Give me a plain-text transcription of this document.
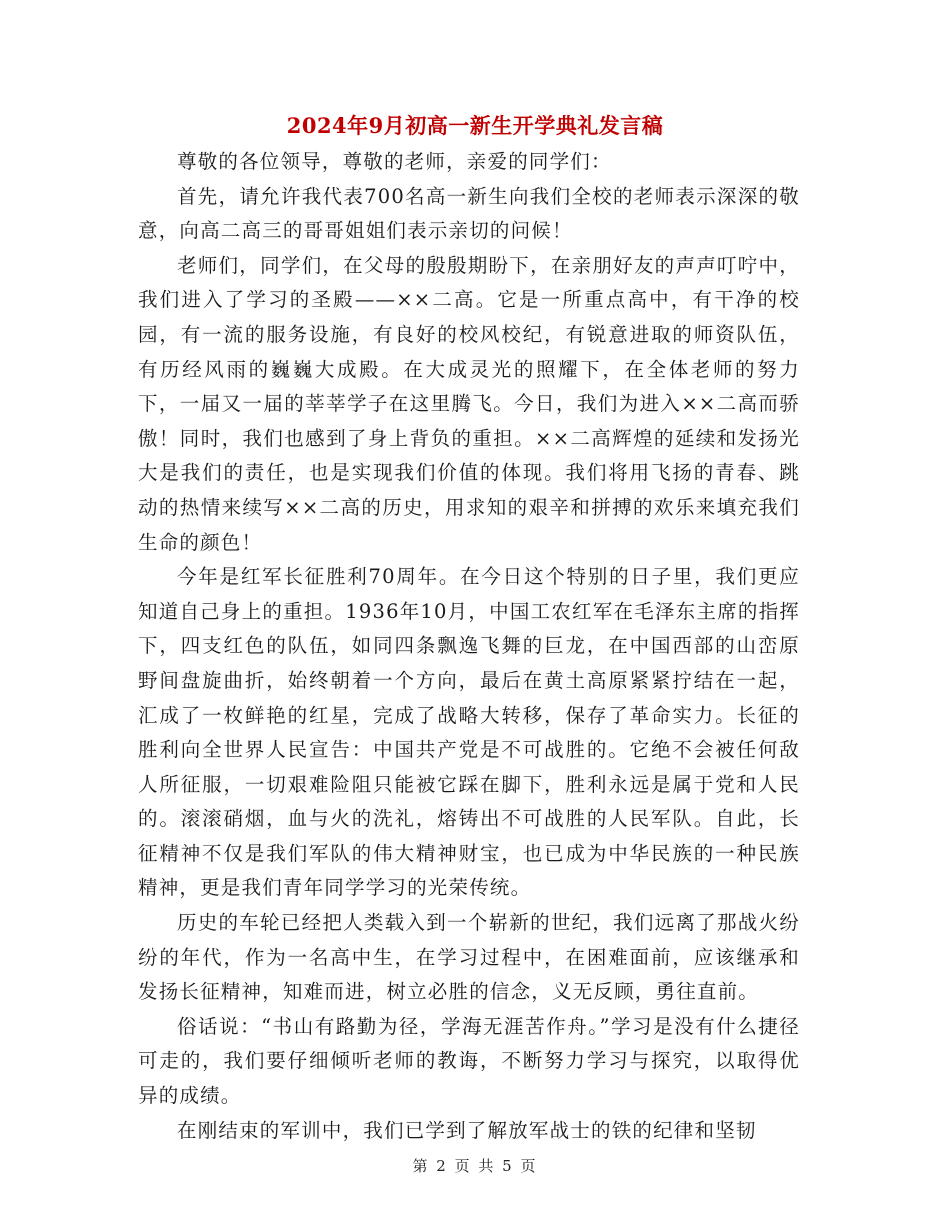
2024年9月初高一新生开学典礼发言稿

尊敬的各位领导，尊敬的老师，亲爱的同学们：

首先，请允许我代表700名高一新生向我们全校的老师表示深深的敬意，向高二高三的哥哥姐姐们表示亲切的问候！

老师们，同学们，在父母的殷殷期盼下，在亲朋好友的声声叮咛中，我们进入了学习的圣殿——××二高。它是一所重点高中，有干净的校园，有一流的服务设施，有良好的校风校纪，有锐意进取的师资队伍，有历经风雨的巍巍大成殿。在大成灵光的照耀下，在全体老师的努力下，一届又一届的莘莘学子在这里腾飞。今日，我们为进入××二高而骄傲！同时，我们也感到了身上背负的重担。××二高辉煌的延续和发扬光大是我们的责任，也是实现我们价值的体现。我们将用飞扬的青春、跳动的热情来续写××二高的历史，用求知的艰辛和拼搏的欢乐来填充我们生命的颜色！

今年是红军长征胜利70周年。在今日这个特别的日子里，我们更应知道自己身上的重担。1936年10月，中国工农红军在毛泽东主席的指挥下，四支红色的队伍，如同四条飘逸飞舞的巨龙，在中国西部的山峦原野间盘旋曲折，始终朝着一个方向，最后在黄土高原紧紧拧结在一起，汇成了一枚鲜艳的红星，完成了战略大转移，保存了革命实力。长征的胜利向全世界人民宣告：中国共产党是不可战胜的。它绝不会被任何敌人所征服，一切艰难险阻只能被它踩在脚下，胜利永远是属于党和人民的。滚滚硝烟，血与火的洗礼，熔铸出不可战胜的人民军队。自此，长征精神不仅是我们军队的伟大精神财宝，也已成为中华民族的一种民族精神，更是我们青年同学学习的光荣传统。

历史的车轮已经把人类载入到一个崭新的世纪，我们远离了那战火纷纷的年代，作为一名高中生，在学习过程中，在困难面前，应该继承和发扬长征精神，知难而进，树立必胜的信念，义无反顾，勇往直前。

俗话说：“书山有路勤为径，学海无涯苦作舟。”学习是没有什么捷径可走的，我们要仔细倾听老师的教诲，不断努力学习与探究，以取得优异的成绩。

在刚结束的军训中，我们已学到了解放军战士的铁的纪律和坚韧

第 2 页 共 5 页
